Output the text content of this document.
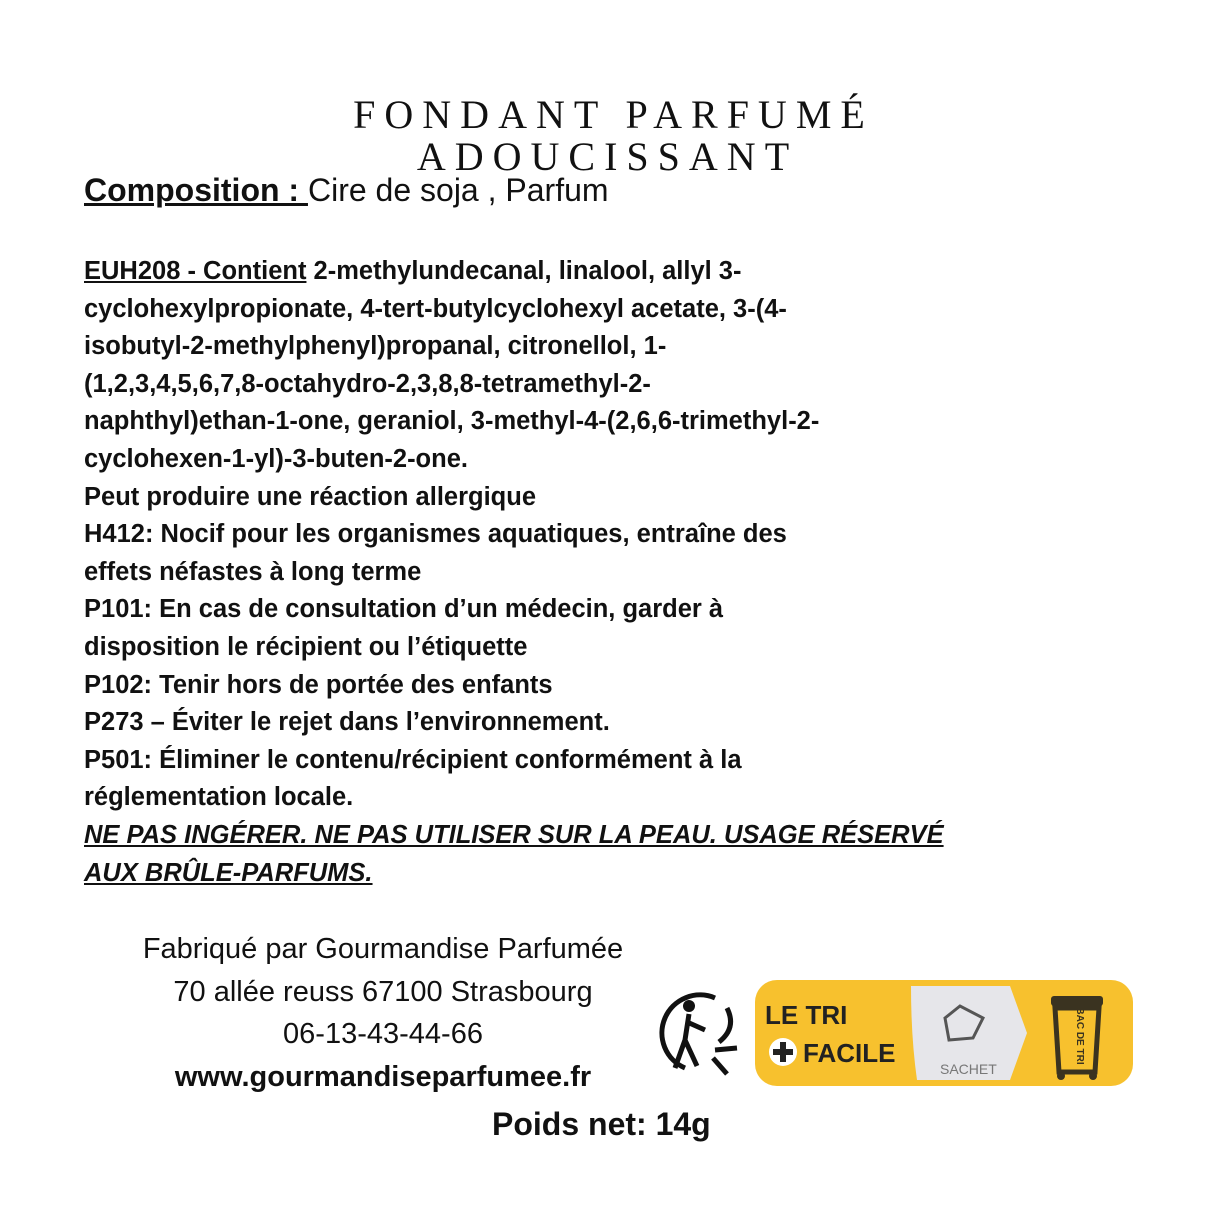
FONDANT PARFUMÉ
ADOUCISSANT
Composition : Cire de soja , Parfum
EUH208 - Contient 2-methylundecanal, linalool, allyl 3-
cyclohexylpropionate, 4-tert-butylcyclohexyl acetate, 3-(4-
isobutyl-2-methylphenyl)propanal, citronellol, 1-
(1,2,3,4,5,6,7,8-octahydro-2,3,8,8-tetramethyl-2-
naphthyl)ethan-1-one, geraniol, 3-methyl-4-(2,6,6-trimethyl-2-
cyclohexen-1-yl)-3-buten-2-one.
Peut produire une réaction allergique
H412: Nocif pour les organismes aquatiques, entraîne des
effets néfastes à long terme
P101: En cas de consultation d’un médecin, garder à
disposition le récipient ou l’étiquette
P102: Tenir hors de portée des enfants
P273 – Éviter le rejet dans l’environnement.
P501: Éliminer le contenu/récipient conformément à la
réglementation locale.
NE PAS INGÉRER. NE PAS UTILISER SUR LA PEAU. USAGE RÉSERVÉ
AUX BRÛLE-PARFUMS.
Fabriqué par Gourmandise Parfumée
70 allée reuss 67100 Strasbourg
06-13-43-44-66
www.gourmandiseparfumee.fr
LE TRI
FACILE
SACHET
BAC DE TRI
Poids net: 14g
